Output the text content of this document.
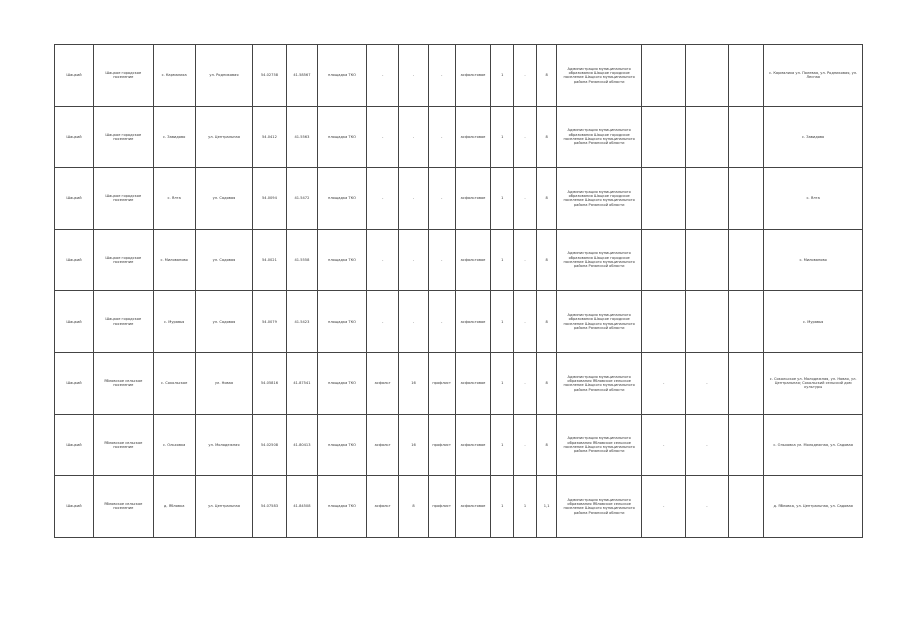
Шацкий	Шацкое городское поселение	с. Кармалиха	ул. Родниковая	54.02758	41.58567	площадка ТКО	-	-	-	асфальтовое	1	-	8	Администрация муниципального образования Шацкое городское поселение Шацкого муниципального района Рязанской области				с. Кармалиха ул. Полевая, ул. Родниковая, ул. Лесная
Шацкий	Шацкое городское поселение	с. Завидово	ул. Центральная	54.0412	41.5563	площадка ТКО	-	-	-	асфальтовое	1	-	8	Администрация муниципального образования Шацкое городское поселение Шацкого муниципального района Рязанской области				с. Завидово
Шацкий	Шацкое городское поселение	с. Ялта	ул. Садовая	54.0094	41.5472	площадка ТКО	-	-	-	асфальтовое	1	-	8	Администрация муниципального образования Шацкое городское поселение Шацкого муниципального района Рязанской области				с. Ялта
Шацкий	Шацкое городское поселение	с. Милованово	ул. Садовая	54.0021	41.5558	площадка ТКО	-	-	-	асфальтовое	1	-	8	Администрация муниципального образования Шацкое городское поселение Шацкого муниципального района Рязанской области				с. Милованово
Шацкий	Шацкое городское поселение	с. Муравья	ул. Садовая	54.0079	41.5423	площадка ТКО	-	-	-	асфальтовое	1	-	8	Администрация муниципального образования Шацкое городское поселение Шацкого муниципального района Рязанской области				с. Муравья
Шацкий	Ябловское сельское поселение	с. Сокольское	ул. Новая	54.05816	41.87541	площадка ТКО	асфальт	16	профлист	асфальтовое	1	-	8	Администрация муниципального образования Ябловское сельское поселение Шацкого муниципального района Рязанской области	-	-		с. Сокольское ул. Молодежная, ул. Новая, ул. Центральная; Сокольский сельский дом культуры
Шацкий	Ябловское сельское поселение	с. Ольховка	ул. Молодежная	54.02508	41.80413	площадка ТКО	асфальт	16	профлист	асфальтовое	1	-	8	Администрация муниципального образования Ябловское сельское поселение Шацкого муниципального района Рязанской области	-	-		с. Ольховка ул. Молодежная, ул. Садовая
Шацкий	Ябловское сельское поселение	д. Ябловка	ул. Центральная	54.07583	41.84508	площадка ТКО	асфальт	8	профлист	асфальтовое	1	1	1,1	Администрация муниципального образования Ябловское сельское поселение Шацкого муниципального района Рязанской области	-	-		д. Ябловка, ул. Центральная, ул. Садовая
